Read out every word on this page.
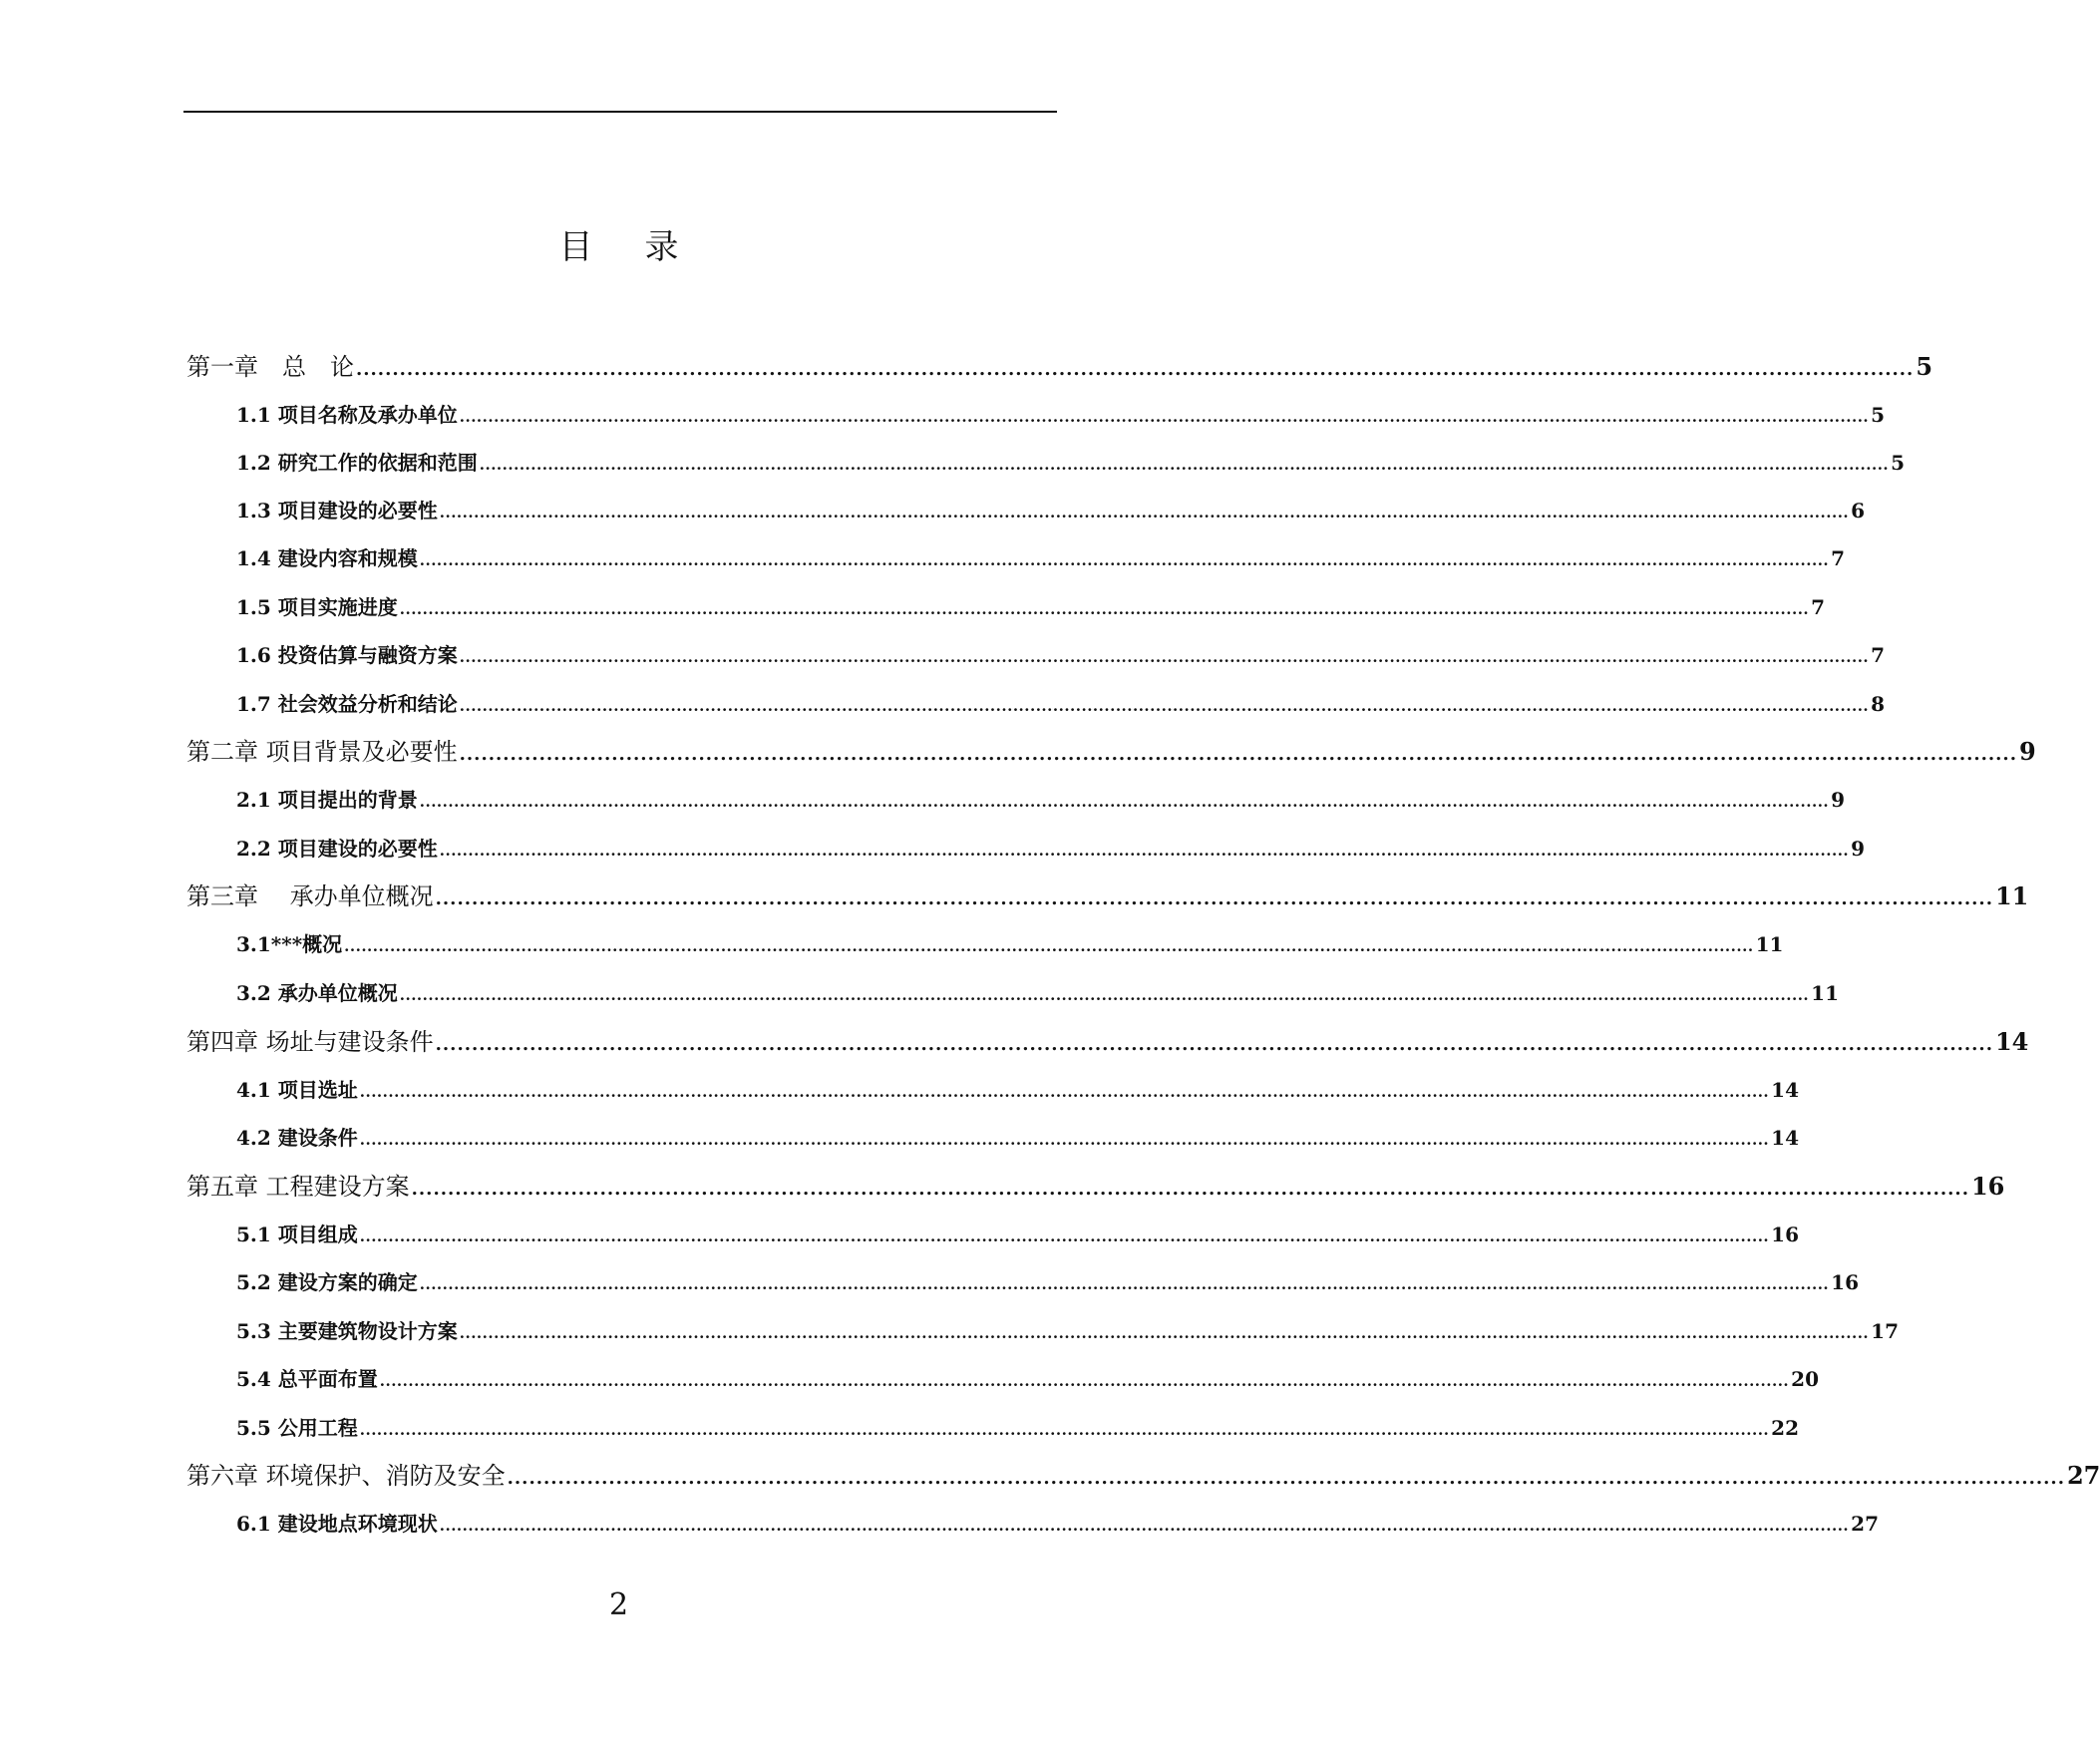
目 录
第一章　总　论 ....................................................................................................................................................................................................................... 5
1.1 项目名称及承办单位 ....................................................................................................................................................................................................................................................... 5
1.2 研究工作的依据和范围 ....................................................................................................................................................................................................................................................... 5
1.3 项目建设的必要性 ....................................................................................................................................................................................................................................................... 6
1.4 建设内容和规模 ....................................................................................................................................................................................................................................................... 7
1.5 项目实施进度 ....................................................................................................................................................................................................................................................... 7
1.6 投资估算与融资方案 ....................................................................................................................................................................................................................................................... 7
1.7 社会效益分析和结论 ....................................................................................................................................................................................................................................................... 8
第二章 项目背景及必要性 ....................................................................................................................................................................................................................... 9
2.1 项目提出的背景 ....................................................................................................................................................................................................................................................... 9
2.2 项目建设的必要性 ....................................................................................................................................................................................................................................................... 9
第三章　 承办单位概况 ....................................................................................................................................................................................................................... 11
3.1***概况 ....................................................................................................................................................................................................................................................... 11
3.2 承办单位概况 ....................................................................................................................................................................................................................................................... 11
第四章 场址与建设条件 ....................................................................................................................................................................................................................... 14
4.1 项目选址 ....................................................................................................................................................................................................................................................... 14
4.2 建设条件 ....................................................................................................................................................................................................................................................... 14
第五章 工程建设方案 ....................................................................................................................................................................................................................... 16
5.1 项目组成 ....................................................................................................................................................................................................................................................... 16
5.2 建设方案的确定 ....................................................................................................................................................................................................................................................... 16
5.3 主要建筑物设计方案 ....................................................................................................................................................................................................................................................... 17
5.4 总平面布置 ....................................................................................................................................................................................................................................................... 20
5.5 公用工程 ....................................................................................................................................................................................................................................................... 22
第六章 环境保护、消防及安全 ....................................................................................................................................................................................................................... 27
6.1 建设地点环境现状 ....................................................................................................................................................................................................................................................... 27
2
